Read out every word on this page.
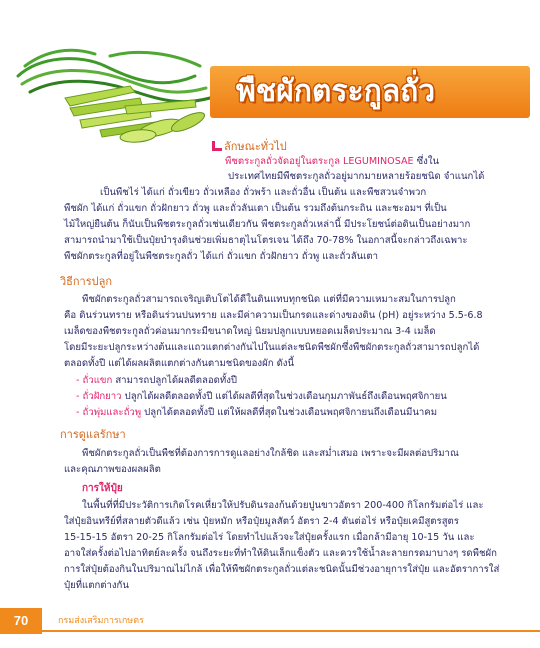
พืชผักตระกูลถั่ว
ลักษณะทั่วไป
พืชตระกูลถั่วจัดอยู่ในตระกูล LEGUMINOSAE ซึ่งใน
ประเทศไทยมีพืชตระกูลถั่วอยู่มากมายหลายร้อยชนิด จำแนกได้
เป็นพืชไร่ ได้แก่ ถั่วเขียว ถั่วเหลือง ถั่วพร้า และถั่วอื่น เป็นต้น และพืชสวนจำพวก
พืชผัก ได้แก่ ถั่วแขก ถั่วฝักยาว ถั่วพู และถั่วลันเตา เป็นต้น รวมถึงต้นกระถิน และชะอมฯ ที่เป็น
ไม้ใหญ่ยืนต้น ก็นับเป็นพืชตระกูลถั่วเช่นเดียวกัน พืชตระกูลถั่วเหล่านี้ มีประโยชน์ต่อดินเป็นอย่างมาก
สามารถนำมาใช้เป็นปุ๋ยบำรุงดินช่วยเพิ่มธาตุไนโตรเจน ได้ถึง 70-78% ในอกาสนี้จะกล่าวถึงเฉพาะ
พืชผักตระกูลที่อยู่ในพืชตระกูลถั่ว ได้แก่ ถั่วแขก ถั่วฝักยาว ถั่วพู และถั่วลันเตา
วิธีการปลูก
พืชผักตระกูลถั่วสามารถเจริญเติบโตได้ดีในดินแทบทุกชนิด แต่ที่มีความเหมาะสมในการปลูก
คือ ดินร่วนทราย หรือดินร่วนปนทราย และมีค่าความเป็นกรดและด่างของดิน (pH) อยู่ระหว่าง 5.5-6.8
เมล็ดของพืชตระกูลถั่วค่อนมากระมีขนาดใหญ่ นิยมปลูกแบบหยอดเมล็ดประมาณ 3-4 เมล็ด
โดยมีระยะปลูกระหว่างต้นและแถวแตกต่างกันไปในแต่ละชนิดพืชผักซึ่งพืชผักตระกูลถั่วสามารถปลูกได้
ตลอดทั้งปี แต่ได้ผลผลิตแตกต่างกันตามชนิดของผัก ดังนี้
- ถั่วแขก สามารถปลูกได้ผลดีตลอดทั้งปี
- ถั่วฝักยาว ปลูกได้ผลดีตลอดทั้งปี แต่ได้ผลดีที่สุดในช่วงเดือนกุมภาพันธ์ถึงเดือนพฤศจิกายน
- ถั่วพุ่มและถั่วพู ปลูกได้ตลอดทั้งปี แต่ให้ผลดีที่สุดในช่วงเดือนพฤศจิกายนถึงเดือนมีนาคม
การดูแลรักษา
พืชผักตระกูลถั่วเป็นพืชที่ต้องการการดูแลอย่างใกล้ชิด และสม่ำเสมอ เพราะจะมีผลต่อปริมาณ
และคุณภาพของผลผลิต
การให้ปุ๋ย
ในพื้นที่ที่มีประวัติการเกิดโรคเหี่ยวให้ปรับดินรองก้นด้วยปูนขาวอัตรา 200-400 กิโลกรัมต่อไร่ และ
ใส่ปุ๋ยอินทรีย์ที่สลายตัวดีแล้ว เช่น ปุ๋ยหมัก หรือปุ๋ยมูลสัตว์ อัตรา 2-4 ตันต่อไร่ หรือปุ๋ยเคมีสูตรสูตร
15-15-15 อัตรา 20-25 กิโลกรัมต่อไร่ โดยทำไปแล้วจะใส่ปุ๋ยครั้งแรก เมื่อกล้ามีอายุ 10-15 วัน และ
อาจใส่ครั้งต่อไปอาทิตย์ละครั้ง จนถึงระยะที่ทำให้ดินเล็กแข็งตัว และควรใช้น้ำละลายกรดมาบางๆ รดพืชผัก
การใส่ปุ๋ยต้องกินในปริมาณไม่ไกล้ เพื่อให้พืชผักตระกูลถั่วแต่ละชนิดนั้นมีช่วงอายุการใส่ปุ๋ย และอัตราการใส่
ปุ๋ยที่แตกต่างกัน
70	กรมส่งเสริมการเกษตร
